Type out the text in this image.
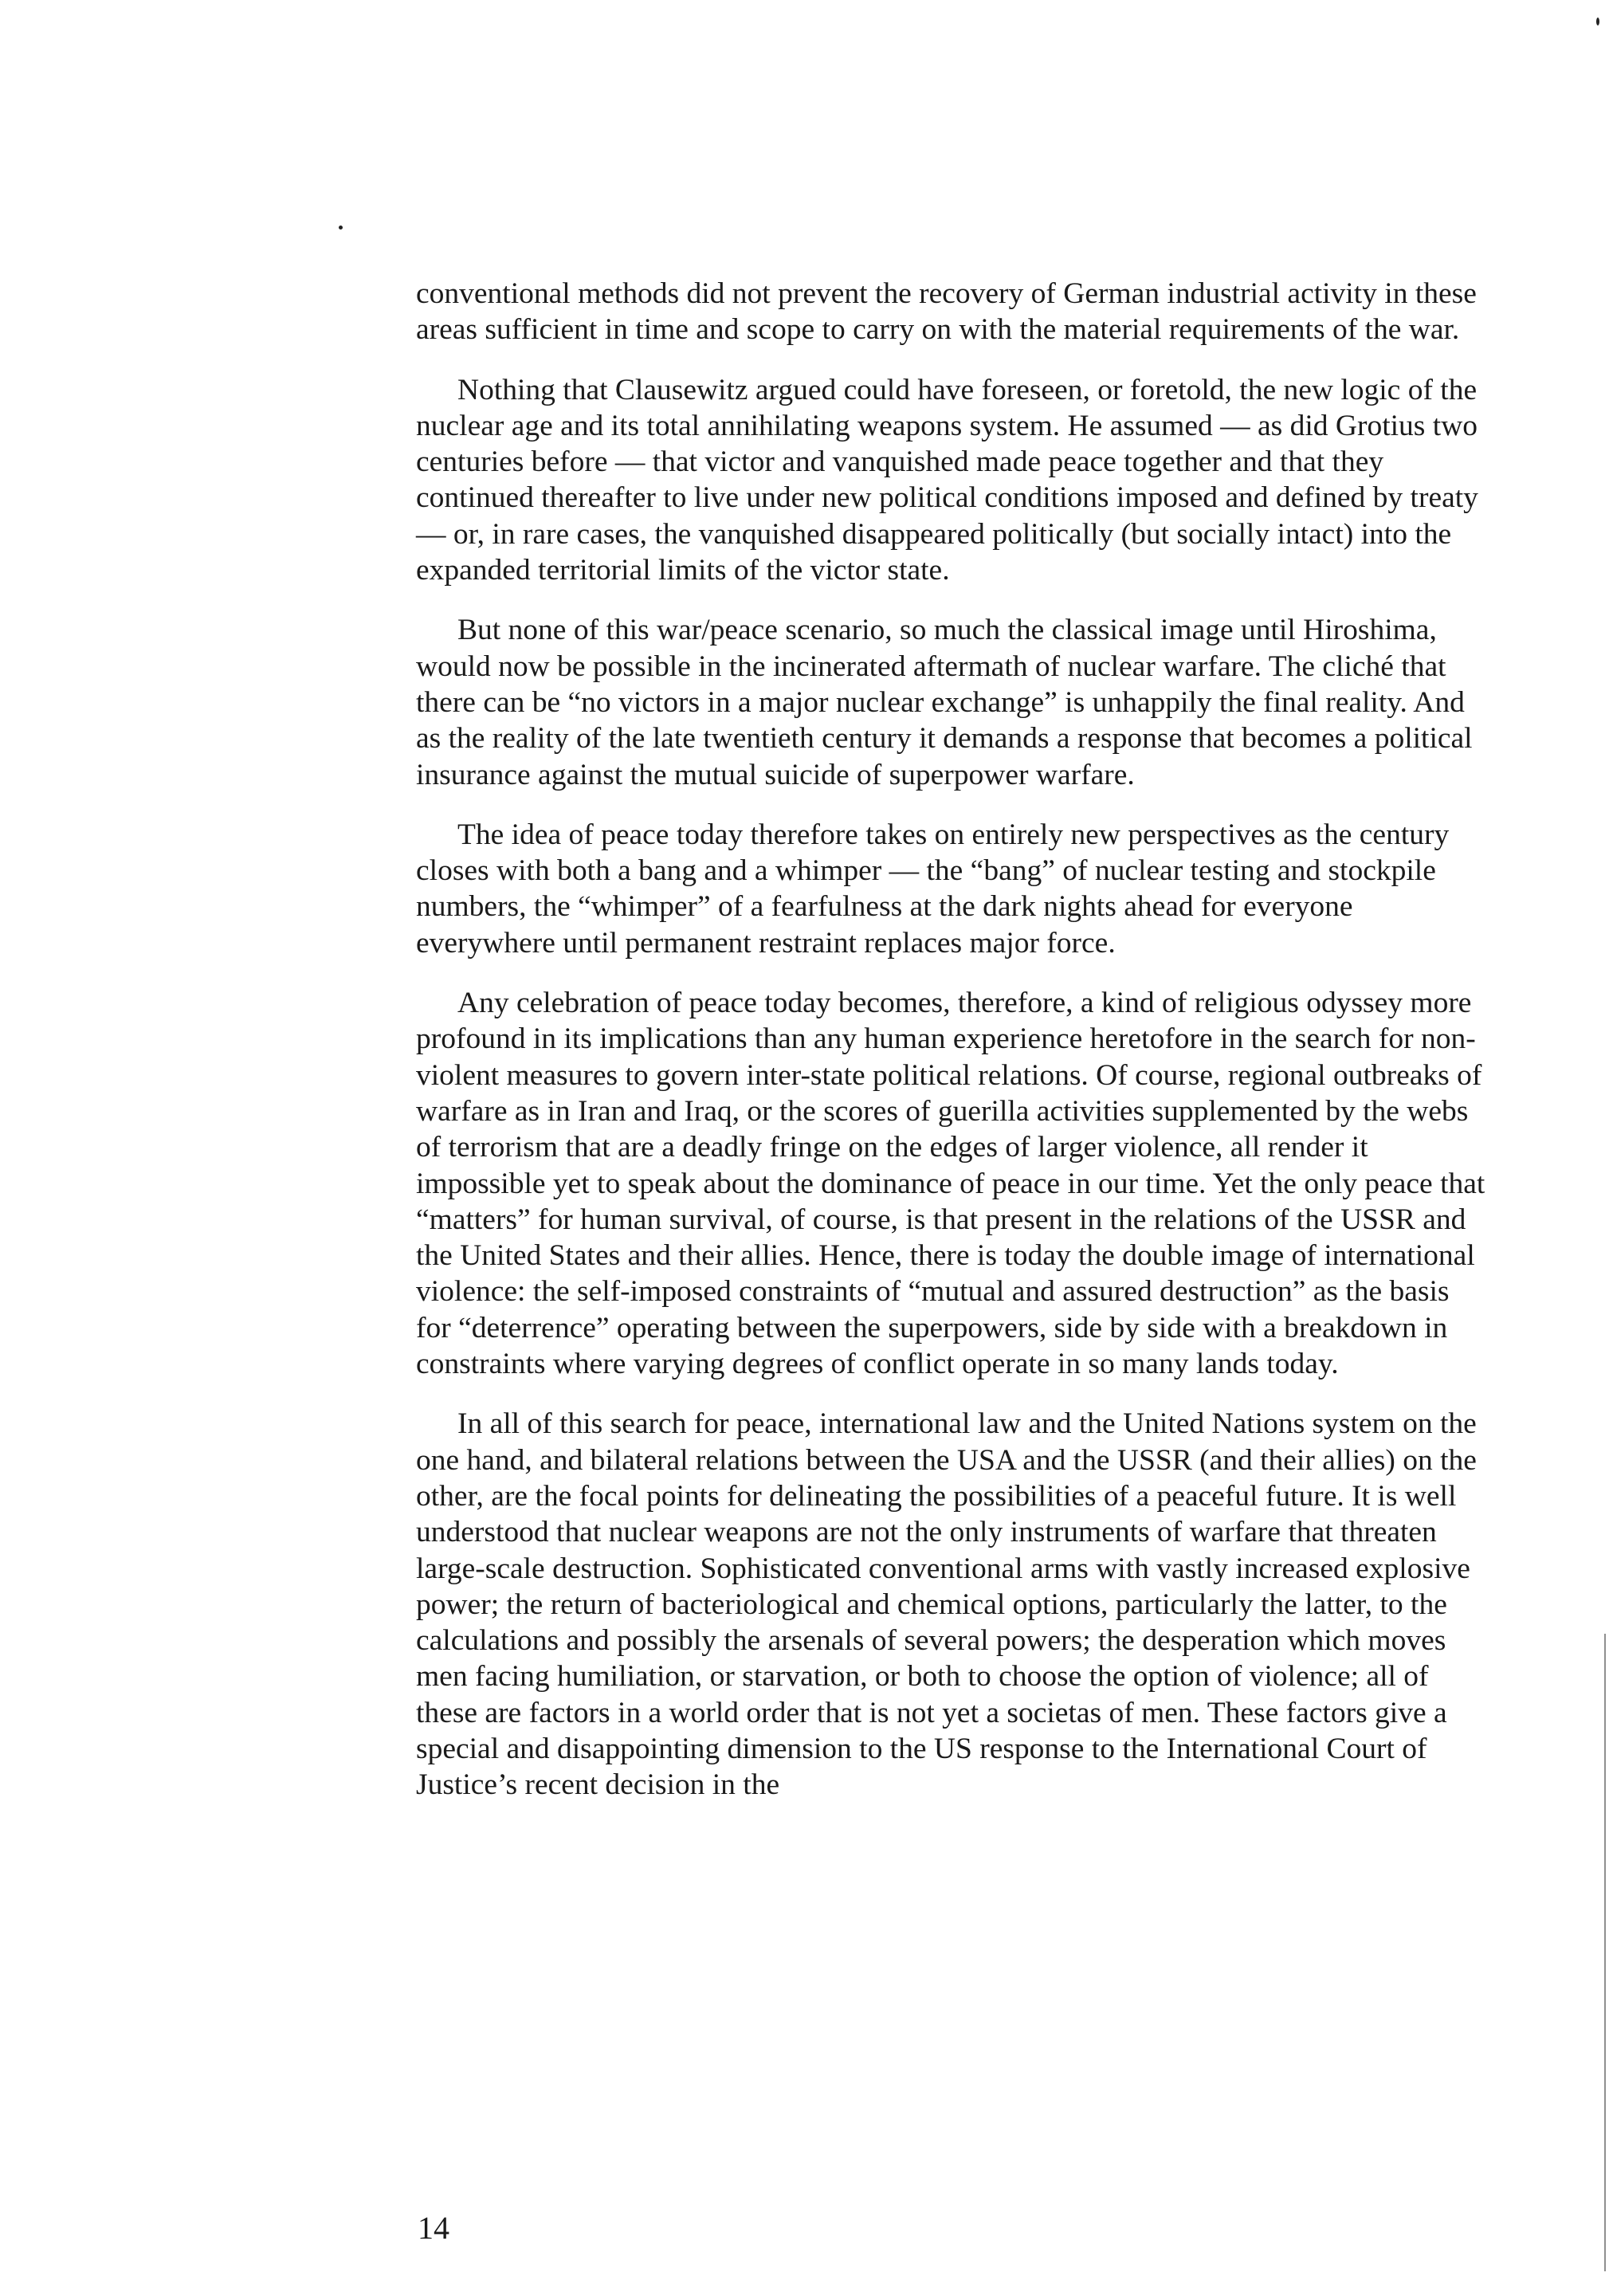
conventional methods did not prevent the recovery of German industrial activity in these areas sufficient in time and scope to carry on with the material requirements of the war.

Nothing that Clausewitz argued could have foreseen, or foretold, the new logic of the nuclear age and its total annihilating weapons system. He assumed — as did Grotius two centuries before — that victor and vanquished made peace together and that they continued thereafter to live under new political conditions imposed and defined by treaty — or, in rare cases, the vanquished disappeared politically (but socially intact) into the expanded territorial limits of the victor state.

But none of this war/peace scenario, so much the classical image until Hiroshima, would now be possible in the incinerated aftermath of nuclear warfare. The cliché that there can be “no victors in a major nuclear exchange” is unhappily the final reality. And as the reality of the late twentieth century it demands a response that becomes a political insurance against the mutual suicide of superpower warfare.

The idea of peace today therefore takes on entirely new perspectives as the century closes with both a bang and a whimper — the “bang” of nuclear testing and stockpile numbers, the “whimper” of a fearfulness at the dark nights ahead for everyone everywhere until permanent restraint replaces major force.

Any celebration of peace today becomes, therefore, a kind of religious odyssey more profound in its implications than any human experience heretofore in the search for non-violent measures to govern inter-state political relations. Of course, regional outbreaks of warfare as in Iran and Iraq, or the scores of guerilla activities supplemented by the webs of terrorism that are a deadly fringe on the edges of larger violence, all render it impossible yet to speak about the dominance of peace in our time. Yet the only peace that “matters” for human survival, of course, is that present in the relations of the USSR and the United States and their allies. Hence, there is today the double image of international violence: the self-imposed constraints of “mutual and assured destruction” as the basis for “deterrence” operating between the superpowers, side by side with a breakdown in constraints where varying degrees of conflict operate in so many lands today.

In all of this search for peace, international law and the United Nations system on the one hand, and bilateral relations between the USA and the USSR (and their allies) on the other, are the focal points for delineating the possibilities of a peaceful future. It is well understood that nuclear weapons are not the only instruments of warfare that threaten large-scale destruction. Sophisticated conventional arms with vastly increased explosive power; the return of bacteriological and chemical options, particularly the latter, to the calculations and possibly the arsenals of several powers; the desperation which moves men facing humiliation, or starvation, or both to choose the option of violence; all of these are factors in a world order that is not yet a societas of men. These factors give a special and disappointing dimension to the US response to the International Court of Justice’s recent decision in the

14
